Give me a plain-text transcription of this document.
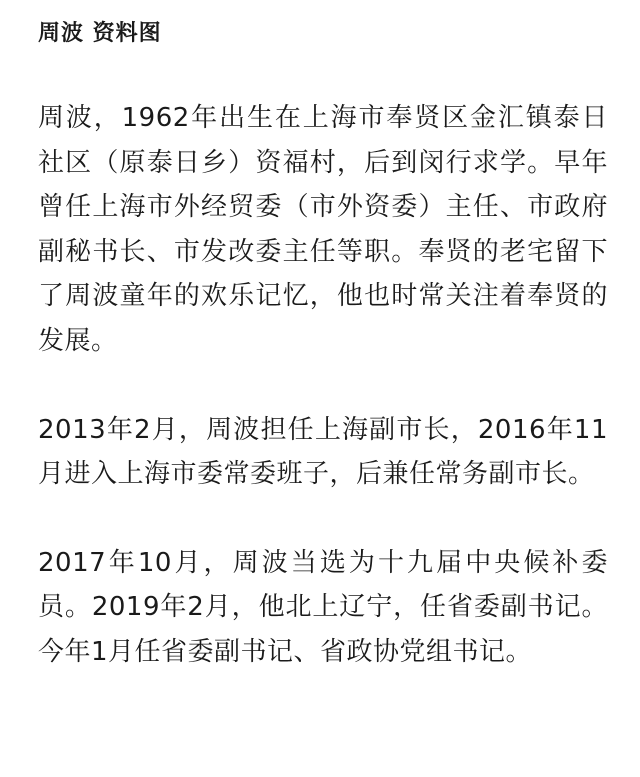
周波 资料图

周波，1962年出生在上海市奉贤区金汇镇泰日社区（原泰日乡）资福村，后到闵行求学。早年曾任上海市外经贸委（市外资委）主任、市政府副秘书长、市发改委主任等职。奉贤的老宅留下了周波童年的欢乐记忆，他也时常关注着奉贤的发展。

2013年2月，周波担任上海副市长，2016年11月进入上海市委常委班子，后兼任常务副市长。

2017年10月，周波当选为十九届中央候补委员。2019年2月，他北上辽宁，任省委副书记。今年1月任省委副书记、省政协党组书记。
